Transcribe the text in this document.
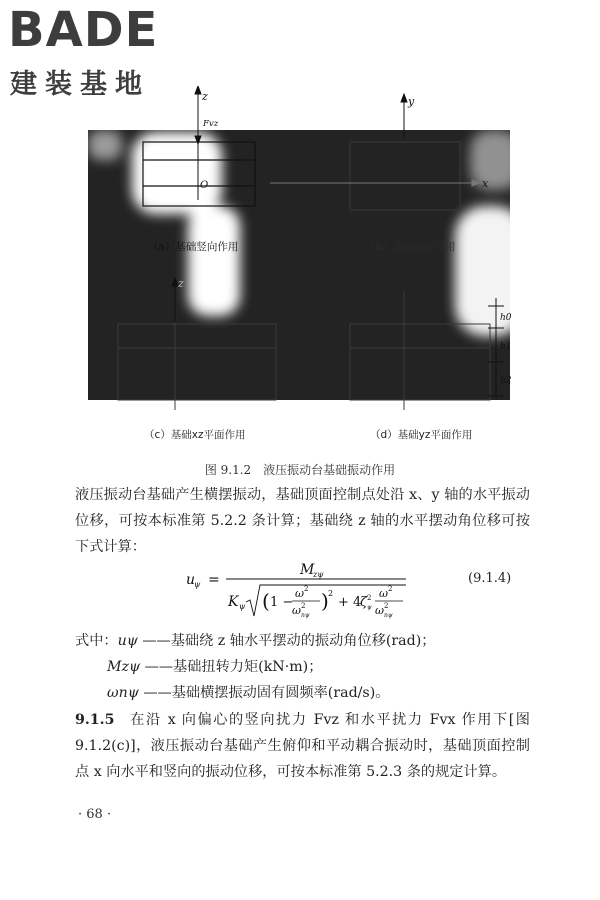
BADE
建装基地	z	y
x
O
Fvz
z
h0
h1
h2
（a）基础竖向作用	（b）基础扭转作用
（c）基础xz平面作用	（d）基础yz平面作用
图 9.1.2　液压振动台基础振动作用
液压振动台基础产生横摆振动，基础顶面控制点处沿 x、y 轴的水平振动位移，可按本标准第 5.2.2 条计算；基础绕 z 轴的水平摆动角位移可按下式计算：
u
ψ =
M
zψ
K ψ ( 1 −
ω 2
ω 2
nψ
) 2
+ 4
ζ 2
ψ
ω 2
ω 2
nψ
(9.1.4)
式中：uψ ——基础绕 z 轴水平摆动的振动角位移(rad)；
Mzψ ——基础扭转力矩(kN·m)；
ωnψ ——基础横摆振动固有圆频率(rad/s)。
9.1.5  在沿 x 向偏心的竖向扰力 Fvz 和水平扰力 Fvx 作用下[图 9.1.2(c)]，液压振动台基础产生俯仰和平动耦合振动时，基础顶面控制点 x 向水平和竖向的振动位移，可按本标准第 5.2.3 条的规定计算。
· 68 ·
